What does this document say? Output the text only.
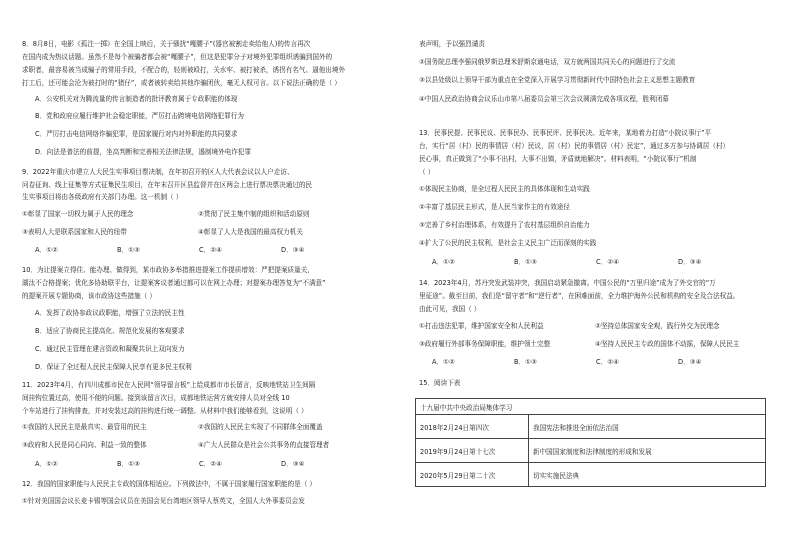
8．8月8日，电影《孤注一掷》在全国上映后，关于骚扰“嘎腰子”(器官被割走卖给他人)的传言再次

在国内成为热议话题。虽然不是每个被骗者都会被“嘎腰子”，但这是犯罪分子对境外犯罪组织诱骗到国外的

求职者，最容易被当成骗子的常用手段，不配合的，轻则被殴打，关水牢、被打被杀，诱拐有名气、逼他出境外

打工后，还可能会沦为被打时的“猪仔”，或者被转卖给其他诈骗团伙，毫无人权可言。以下说法正确的是（ ）

A．公安机关对为腾流量的传言制造者的批评教育属于专政职能的体现

B．党和政府应履行维护社会稳定职能，严厉打击跨境电信网络犯罪行为

C．严厉打击电信网络诈骗犯罪，是国家履行对内对外职能的共同要求

D．向法是普法的前提，坐高判断和完善相关法律法规，遏制境外电诈犯罪

9．2022年重庆市建立人大民生实事项目票决制，在年初召开的区人大代表会议以人户走访、

问卷征询、线上征集等方式征集民生项目，在年末召开区县监督并在区两会上进行票决票决通过的民

生实事项目将由各级政府有关部门办理。这一机制（ ）

①彰显了国家一切权力属于人民的理念	②贯彻了民主集中制的组织和活动原则

③表明人大是联系国家和人民的纽带	④彰显了人大是我国的最高权力机关

A．①②	B．①③	C．②④	D．③④

10．为让提案立得住、能办理、做得到，某市政协多举措推进提案工作提质增效：严把提案质量关，

湖汰不合格提案；优化多协助联平台，让提案客议者通过都可以在网上办理；对提案办理答复为“不满意”

的提案开展专题协商，该市政协这些措施（ ）

A．发挥了政协参政议政职能，增强了立法的民主性

B．适应了协商民主提高化、规范化发展的客观要求

C．通过民主管理在建言资政和凝聚共识上双向发力

D．保证了全过程人民民主保障人民享有更多民主权利

11．2023年4月，有四川成都市民在人民网“领导留言板”上给成都市市长留言，反映地铁站卫生间隔

间挂钩位置过高，使用不便的问题。接到该留言次日，成都地铁运营方就安排人员对全线 10

个车站进行了挂钩排查，并对安装过高的挂钩进行统一调整。从材料中我们能够看到，这说明（ ）

①我国的人民民主是最真实、最管用的民主	②我国的人民民主实现了不同群体全面覆盖

③政府和人民是同心同向、利益一致的整体	④广大人民群众是社会公共事务的直接管理者

A．①②	B．①③	C．②④	D．③④

12．我国的国家职能与人民民主专政的国体相适应。下列做法中，不属于国家履行国家职能的是（ ）

①针对美国国会议长麦卡锡等国会议员在美国会见台湾地区领导人蔡英文，全国人大外事委员会发

表声明，予以强烈谴责

②国务院总理李强同俄罗斯总理米舒斯京通电话，双方就两国共同关心的问题进行了交流

③以县处级以上领导干部为重点在全党深入开展学习贯彻新时代中国特色社会主义思想主题教育

④中国人民政治协商会议乐山市第八届委员会第三次会议圆满完成各项议程，胜利闭幕

13．民事民提、民事民议、民事民办、民事民评、民事民决。近年来，某地着力打造“小院议事厅”平

台，实行“居（村）民的事情居（村）民议，居（村）民的事情居（村）民定”，通过多方参与协调居（村）

民心事，真正做到了“小事不出村，大事不出镇，矛盾就地解决”。材料表明，“小院议事厅”机制

（ ）

①体现民主协商，是全过程人民民主的具体体现和生动实践

②丰富了基层民主形式，是人民当家作主的有效途径

③完善了乡村治理体系，有效提升了农村基层组织自治能力

④扩大了公民的民主权利，是社会主义民主广泛而深刻的实践

A．①②	B．①③	C．②④	D．③④

14．2023年4月，苏丹突发武装冲突，我国启动紧急撤离。中国公民的“万里归途”成为了外交官的“万

里征途”。截至目前，我们是“留守者”和“逆行者”，在困难面前，全力维护海外公民和机构的安全及合法权益。

由此可见，我国（ ）

①打击违法犯罪，维护国家安全和人民利益	②坚持总体国家安全观，践行外交为民理念

③政府履行外部事务保障职能，维护领土完整	④坚持人民民主专政的国体不动摇，保障人民民主

A．①②	B．①③	C．②④	D．③④

15．阅读下表

十九届中共中央政治局集体学习	
2018年2月24日第四次	我国宪法和推进全面依法治国
2019年9月24日第十七次	新中国国家制度和法律制度的形成和发展
2020年5月29日第二十次	切实实施民法典
